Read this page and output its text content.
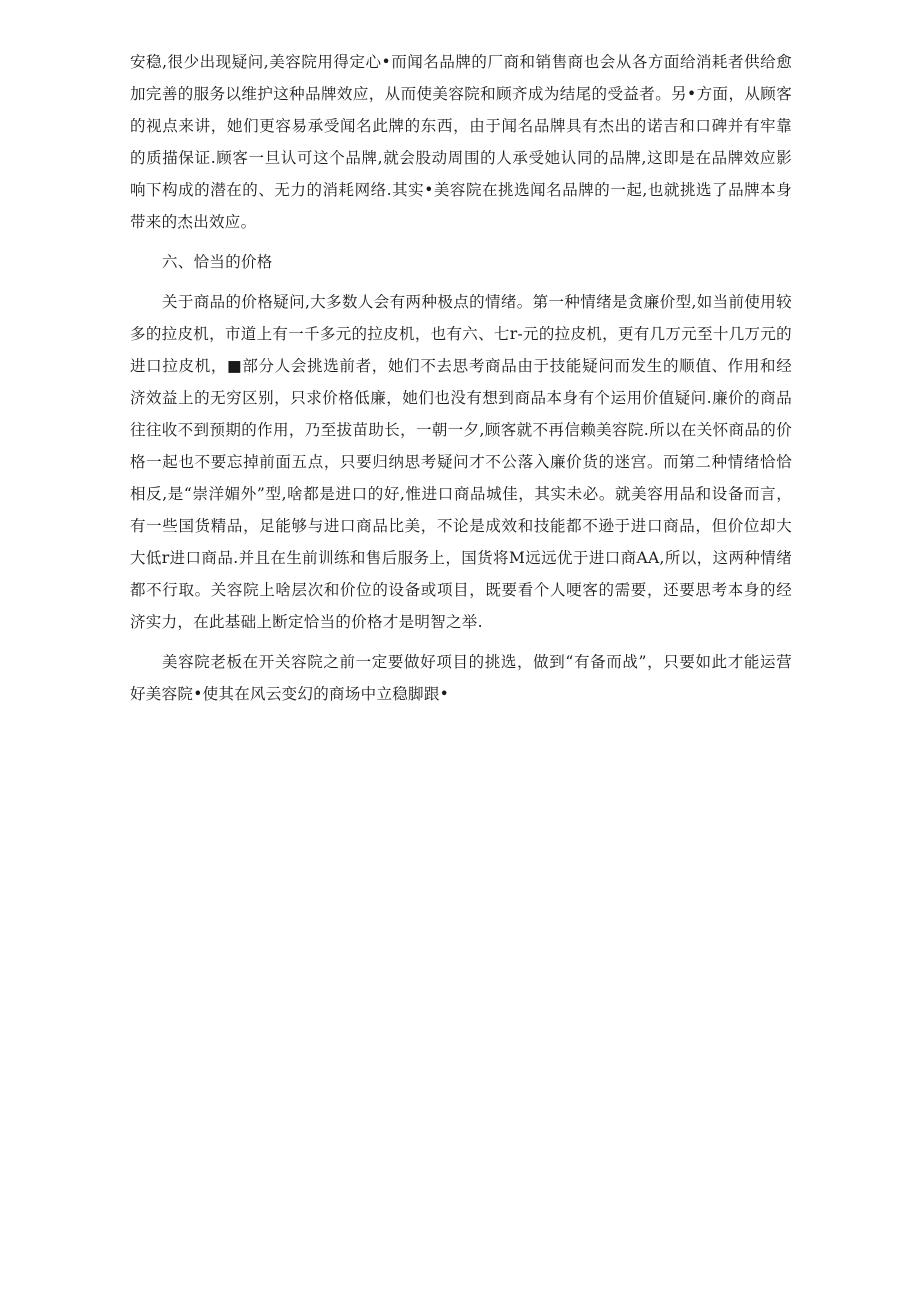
安稳,很少出现疑问,美容院用得定心•而闻名品牌的厂商和销售商也会从各方面给消耗者供给愈加完善的服务以维护这种品牌效应，从而使美容院和顾齐成为结尾的受益者。另•方面，从顾客的视点来讲，她们更容易承受闻名此牌的东西，由于闻名品牌具有杰出的诺吉和口碑并有牢靠的质描保证.顾客一旦认可这个品牌,就会股动周围的人承受她认同的品牌,这即是在品牌效应影响下构成的潜在的、无力的消耗网络.其实•美容院在挑选闻名品牌的一起,也就挑选了品牌本身带来的杰出效应。

六、恰当的价格

关于商品的价格疑问,大多数人会有两种极点的情绪。第一种情绪是贪廉价型,如当前使用较多的拉皮机，市道上有一千多元的拉皮机，也有六、七r-元的拉皮机，更有几万元至十几万元的进口拉皮机，■部分人会挑选前者，她们不去思考商品由于技能疑问而发生的顺值、作用和经济效益上的无穷区别，只求价格低廉，她们也没有想到商品本身有个运用价值疑问.廉价的商品往往收不到预期的作用，乃至拔苗助长，一朝一夕,顾客就不再信赖美容院.所以在关怀商品的价格一起也不要忘掉前面五点，只要归纳思考疑问才不公落入廉价货的迷宫。而第二种情绪恰恰相反,是“崇洋媚外”型,啥都是进口的好,惟进口商品城佳，其实未必。就美容用品和设备而言，有一些国货精品，足能够与进口商品比美，不论是成效和技能都不逊于进口商品，但价位却大大低r进口商品.并且在生前训练和售后服务上，国货将M远远优于进口商AA,所以，这两种情绪都不行取。关容院上啥层次和价位的设备或项目，既要看个人哽客的需要，还要思考本身的经济实力，在此基础上断定恰当的价格才是明智之举.

美容院老板在开关容院之前一定要做好项目的挑选，做到“有备而战”，只要如此才能运营好美容院•使其在风云变幻的商场中立稳脚跟•
